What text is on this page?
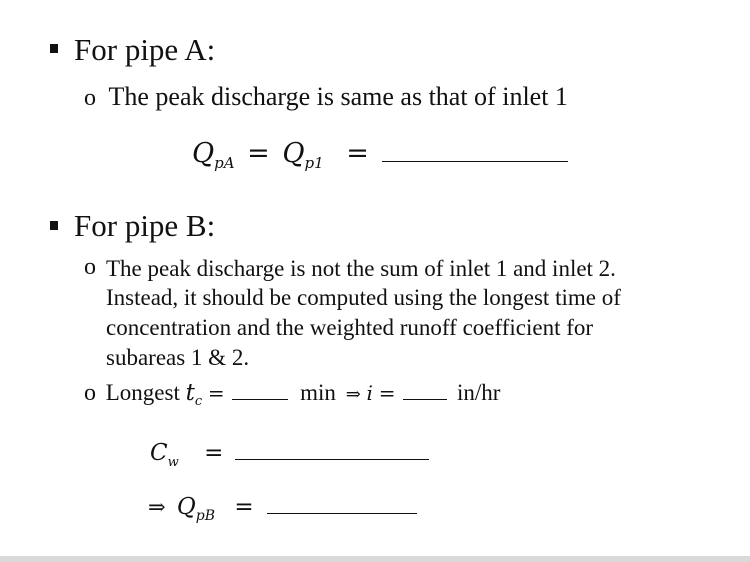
For pipe A:
o The peak discharge is same as that of inlet 1
$Q_{pA} = Q_{p1}$ =
For pipe B:
o The peak discharge is not the sum of inlet 1 and inlet 2.
Instead, it should be computed using the longest time of
concentration and the weighted runoff coefficient for
subareas 1 & 2.
o Longest $t_c$ =	min ⇒ i =	in/hr
$C_w$ =
⇒ $Q_{pB}$ =
